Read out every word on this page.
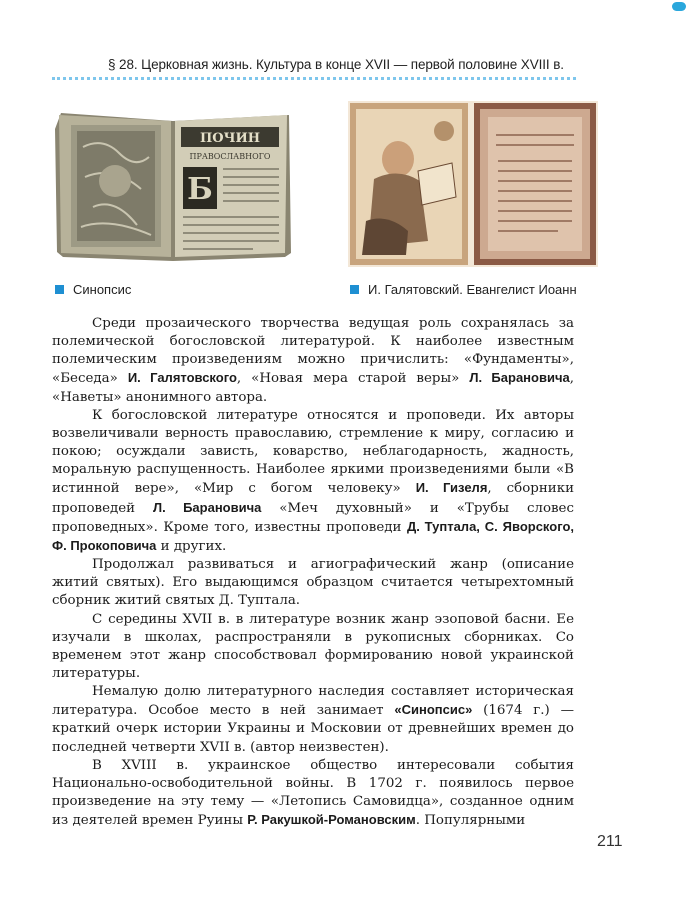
§ 28. Церковная жизнь. Культура в конце XVII — первой половине XVIII в.
ПОЧИН
ПРАВОСЛАВНОГО
Б
Синопсис	И. Галятовский. Евангелист Иоанн

Среди прозаического творчества ведущая роль сохранялась за полемической богословской литературой. К наиболее известным полемическим произведениям можно причислить: «Фундаменты», «Беседа» И. Галятовского, «Новая мера старой веры» Л. Барановича, «Наветы» анонимного автора.

К богословской литературе относятся и проповеди. Их авторы возвеличивали верность православию, стремление к миру, согласию и покою; осуждали зависть, коварство, неблагодарность, жадность, моральную распущенность. Наиболее яркими произведениями были «В истинной вере», «Мир с богом человеку» И. Гизеля, сборники проповедей Л. Барановича «Меч духовный» и «Трубы словес проповедных». Кроме того, известны проповеди Д. Туптала, С. Яворского, Ф. Прокоповича и других.

Продолжал развиваться и агиографический жанр (описание житий святых). Его выдающимся образцом считается четырехтомный сборник житий святых Д. Туптала.

С середины XVII в. в литературе возник жанр эзоповой басни. Ее изучали в школах, распространяли в рукописных сборниках. Со временем этот жанр способствовал формированию новой украинской литературы.

Немалую долю литературного наследия составляет историческая литература. Особое место в ней занимает «Синопсис» (1674 г.) — краткий очерк истории Украины и Московии от древнейших времен до последней четверти XVII в. (автор неизвестен).

В XVIII в. украинское общество интересовали события Национально-освободительной войны. В 1702 г. появилось первое произведение на эту тему — «Летопись Самовидца», созданное одним из деятелей времен Руины Р. Ракушкой-Романовским. Популярными

211
